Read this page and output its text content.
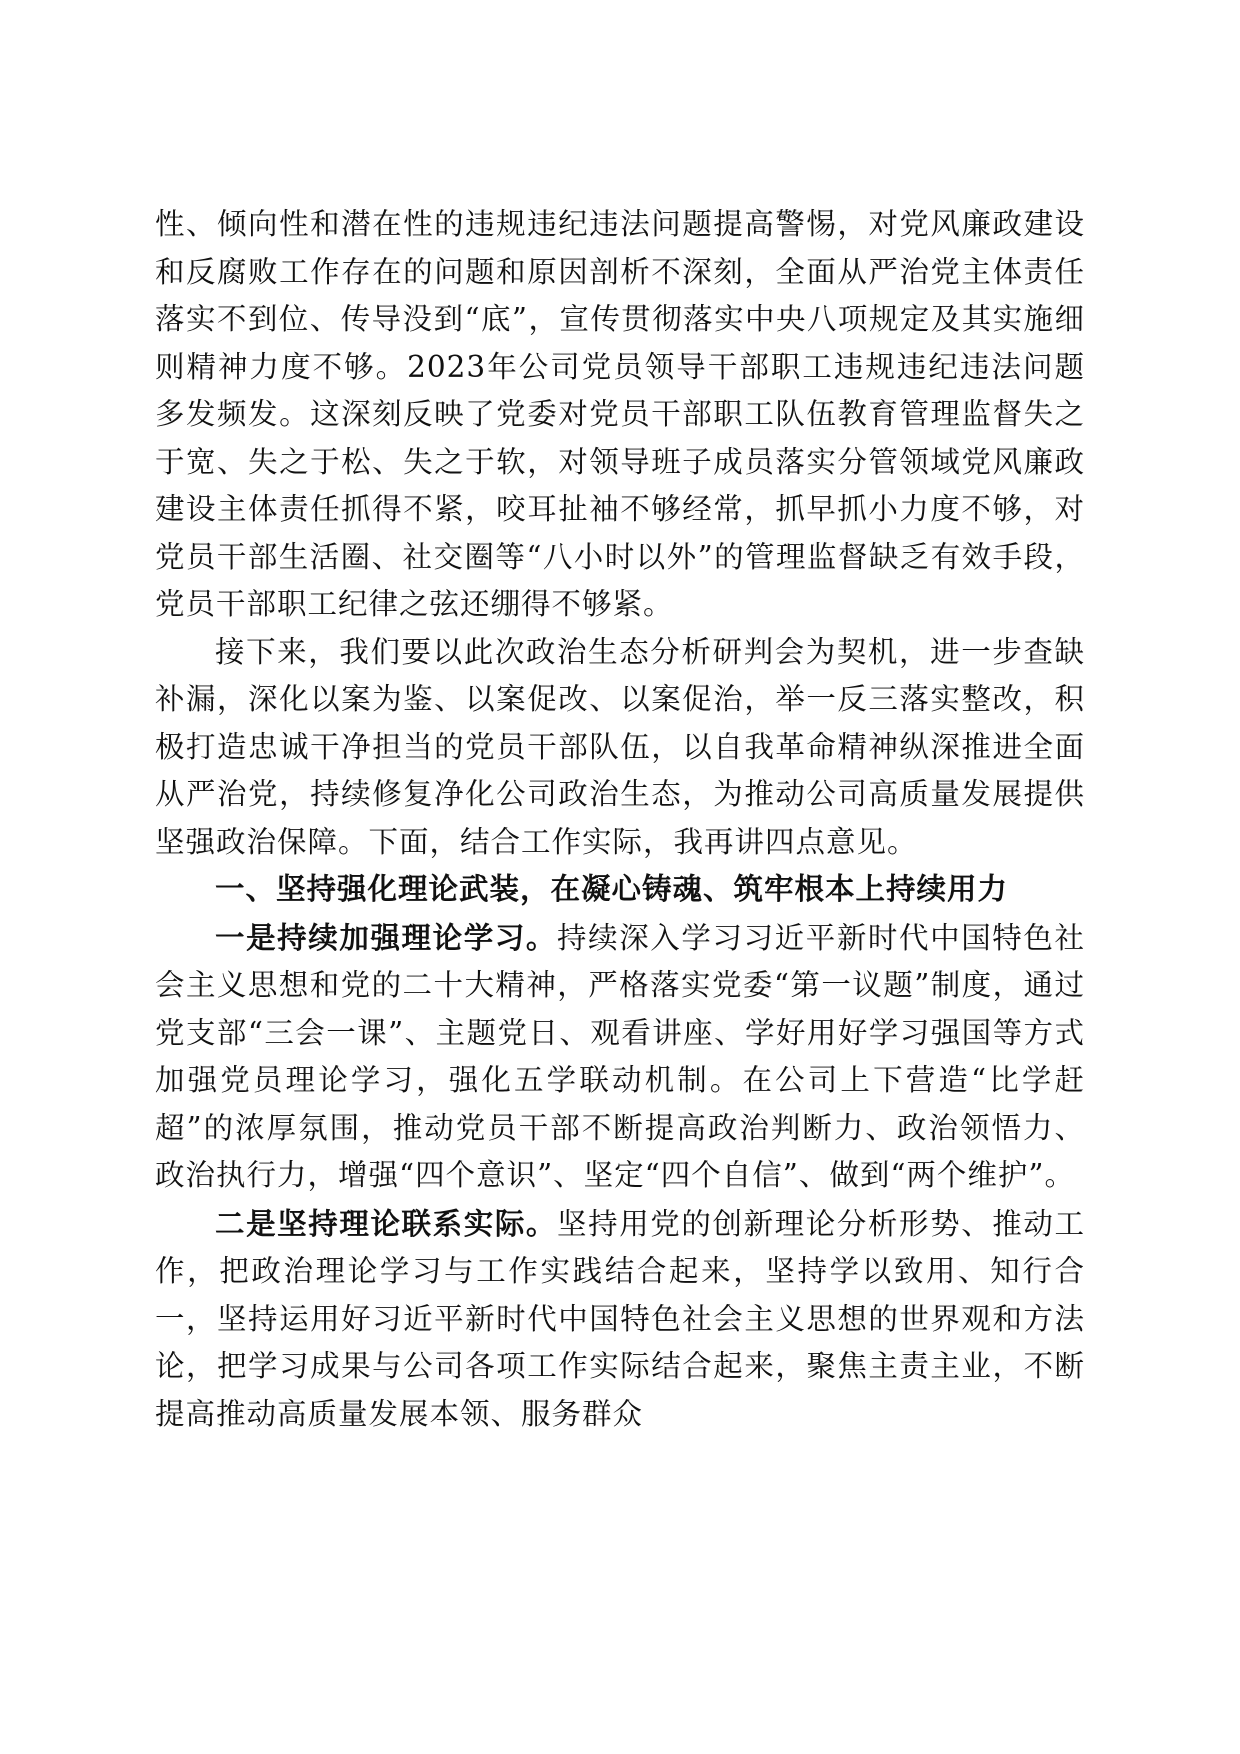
性、倾向性和潜在性的违规违纪违法问题提高警惕，对党风廉政建设和反腐败工作存在的问题和原因剖析不深刻，全面从严治党主体责任落实不到位、传导没到“底”，宣传贯彻落实中央八项规定及其实施细则精神力度不够。2023年公司党员领导干部职工违规违纪违法问题多发频发。这深刻反映了党委对党员干部职工队伍教育管理监督失之于宽、失之于松、失之于软，对领导班子成员落实分管领域党风廉政建设主体责任抓得不紧，咬耳扯袖不够经常，抓早抓小力度不够，对党员干部生活圈、社交圈等“八小时以外”的管理监督缺乏有效手段，党员干部职工纪律之弦还绷得不够紧。

接下来，我们要以此次政治生态分析研判会为契机，进一步查缺补漏，深化以案为鉴、以案促改、以案促治，举一反三落实整改，积极打造忠诚干净担当的党员干部队伍，以自我革命精神纵深推进全面从严治党，持续修复净化公司政治生态，为推动公司高质量发展提供坚强政治保障。下面，结合工作实际，我再讲四点意见。

一、坚持强化理论武装，在凝心铸魂、筑牢根本上持续用力

一是持续加强理论学习。持续深入学习习近平新时代中国特色社会主义思想和党的二十大精神，严格落实党委“第一议题”制度，通过党支部“三会一课”、主题党日、观看讲座、学好用好学习强国等方式加强党员理论学习，强化五学联动机制。在公司上下营造“比学赶超”的浓厚氛围，推动党员干部不断提高政治判断力、政治领悟力、政治执行力，增强“四个意识”、坚定“四个自信”、做到“两个维护”。

二是坚持理论联系实际。坚持用党的创新理论分析形势、推动工作，把政治理论学习与工作实践结合起来，坚持学以致用、知行合一，坚持运用好习近平新时代中国特色社会主义思想的世界观和方法论，把学习成果与公司各项工作实际结合起来，聚焦主责主业，不断提高推动高质量发展本领、服务群众
